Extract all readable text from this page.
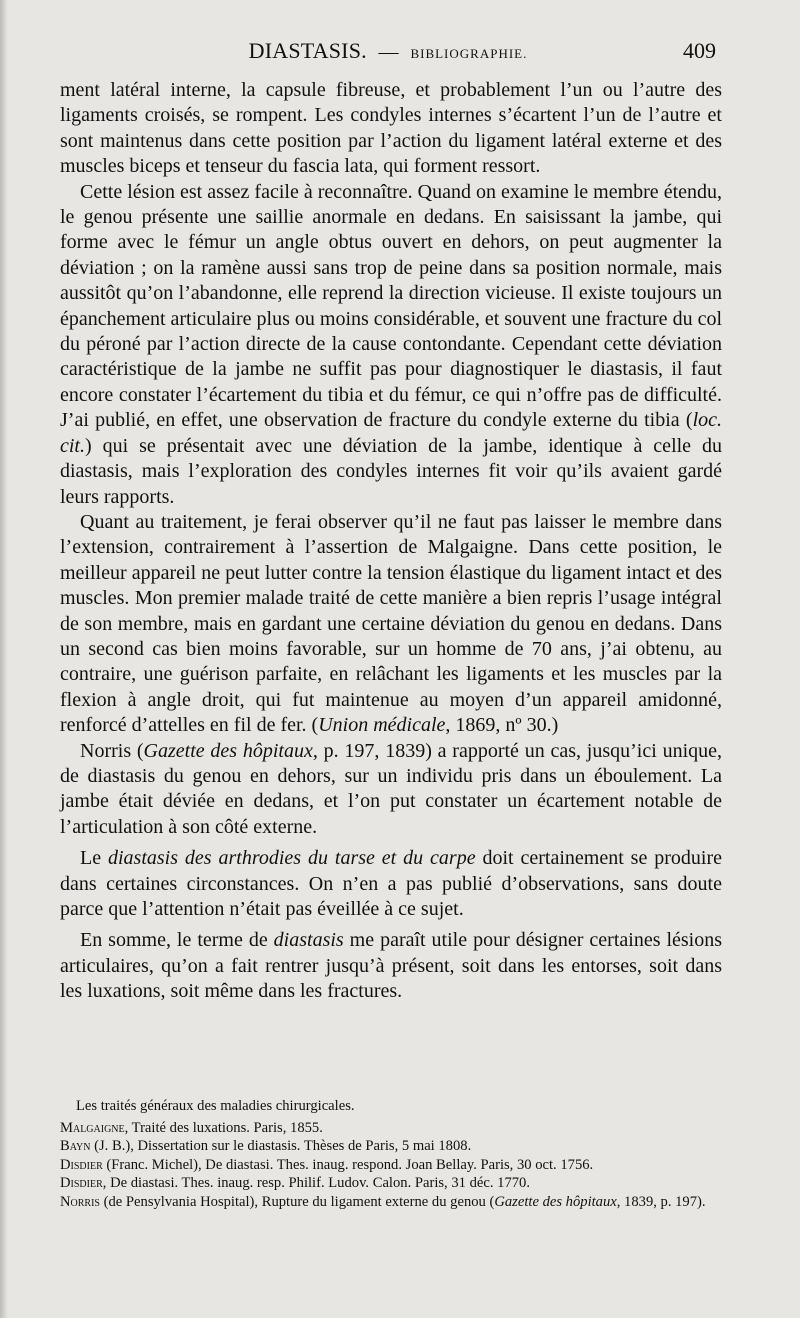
DIASTASIS. — BIBLIOGRAPHIE.	409

ment latéral interne, la capsule fibreuse, et probablement l’un ou l’autre des ligaments croisés, se rompent. Les condyles internes s’écartent l’un de l’autre et sont maintenus dans cette position par l’action du ligament latéral externe et des muscles biceps et tenseur du fascia lata, qui forment ressort.

Cette lésion est assez facile à reconnaître. Quand on examine le membre étendu, le genou présente une saillie anormale en dedans. En saisissant la jambe, qui forme avec le fémur un angle obtus ouvert en dehors, on peut augmenter la déviation ; on la ramène aussi sans trop de peine dans sa position normale, mais aussitôt qu’on l’abandonne, elle reprend la direction vicieuse. Il existe toujours un épanchement articulaire plus ou moins considérable, et souvent une fracture du col du péroné par l’action directe de la cause contondante. Cependant cette déviation caractéristique de la jambe ne suffit pas pour diagnostiquer le diastasis, il faut encore constater l’écartement du tibia et du fémur, ce qui n’offre pas de difficulté. J’ai publié, en effet, une observation de fracture du condyle externe du tibia (loc. cit.) qui se présentait avec une déviation de la jambe, identique à celle du diastasis, mais l’exploration des condyles internes fit voir qu’ils avaient gardé leurs rapports.

Quant au traitement, je ferai observer qu’il ne faut pas laisser le membre dans l’extension, contrairement à l’assertion de Malgaigne. Dans cette position, le meilleur appareil ne peut lutter contre la tension élastique du ligament intact et des muscles. Mon premier malade traité de cette manière a bien repris l’usage intégral de son membre, mais en gardant une certaine déviation du genou en dedans. Dans un second cas bien moins favorable, sur un homme de 70 ans, j’ai obtenu, au contraire, une guérison parfaite, en relâchant les ligaments et les muscles par la flexion à angle droit, qui fut maintenue au moyen d’un appareil amidonné, renforcé d’attelles en fil de fer. (Union médicale, 1869, nº 30.)

Norris (Gazette des hôpitaux, p. 197, 1839) a rapporté un cas, jusqu’ici unique, de diastasis du genou en dehors, sur un individu pris dans un éboulement. La jambe était déviée en dedans, et l’on put constater un écartement notable de l’articulation à son côté externe.

Le diastasis des arthrodies du tarse et du carpe doit certainement se produire dans certaines circonstances. On n’en a pas publié d’observations, sans doute parce que l’attention n’était pas éveillée à ce sujet.

En somme, le terme de diastasis me paraît utile pour désigner certaines lésions articulaires, qu’on a fait rentrer jusqu’à présent, soit dans les entorses, soit dans les luxations, soit même dans les fractures.

Les traités généraux des maladies chirurgicales.

Malgaigne, Traité des luxations. Paris, 1855.

Bayn (J. B.), Dissertation sur le diastasis. Thèses de Paris, 5 mai 1808.

Disdier (Franc. Michel), De diastasi. Thes. inaug. respond. Joan Bellay. Paris, 30 oct. 1756.

Disdier, De diastasi. Thes. inaug. resp. Philif. Ludov. Calon. Paris, 31 déc. 1770.

Norris (de Pensylvania Hospital), Rupture du ligament externe du genou (Gazette des hôpitaux, 1839, p. 197).
